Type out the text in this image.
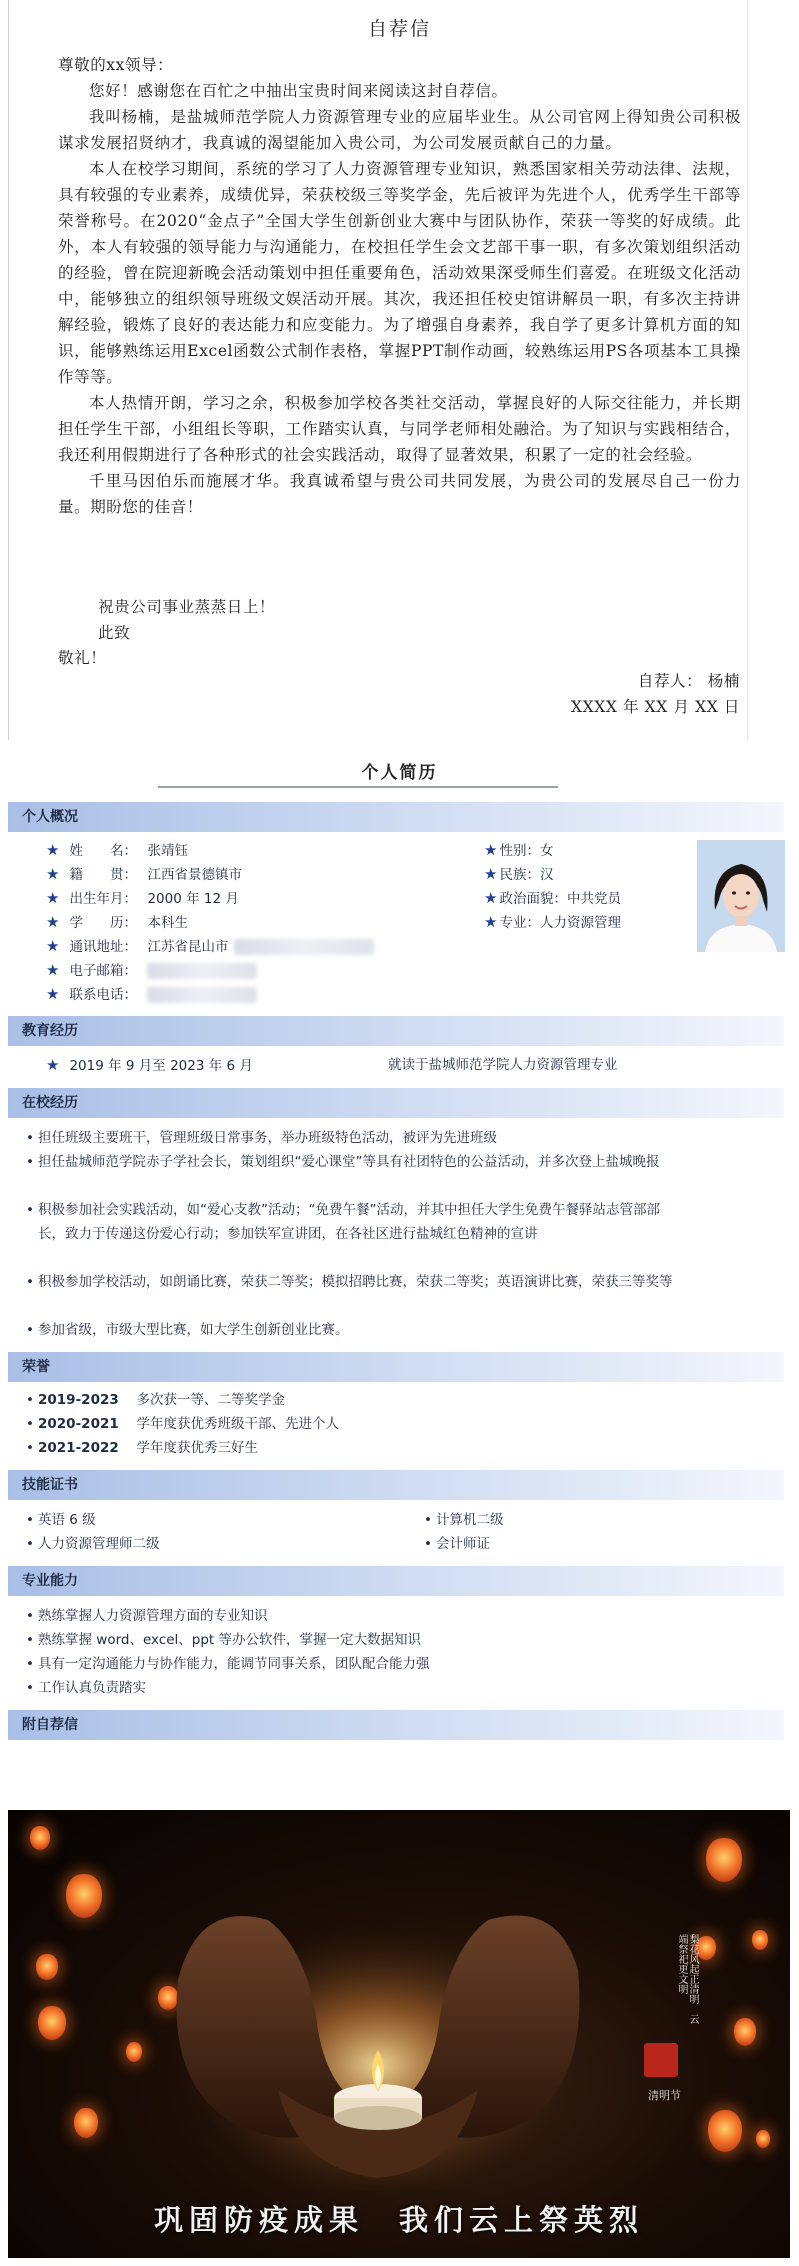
自荐信
尊敬的xx领导：

您好！感谢您在百忙之中抽出宝贵时间来阅读这封自荐信。

我叫杨楠，是盐城师范学院人力资源管理专业的应届毕业生。从公司官网上得知贵公司积极谋求发展招贤纳才，我真诚的渴望能加入贵公司，为公司发展贡献自己的力量。

本人在校学习期间，系统的学习了人力资源管理专业知识，熟悉国家相关劳动法律、法规，具有较强的专业素养，成绩优异，荣获校级三等奖学金，先后被评为先进个人，优秀学生干部等荣誉称号。在2020“金点子”全国大学生创新创业大赛中与团队协作，荣获一等奖的好成绩。此外，本人有较强的领导能力与沟通能力，在校担任学生会文艺部干事一职，有多次策划组织活动的经验，曾在院迎新晚会活动策划中担任重要角色，活动效果深受师生们喜爱。在班级文化活动中，能够独立的组织领导班级文娱活动开展。其次，我还担任校史馆讲解员一职，有多次主持讲解经验，锻炼了良好的表达能力和应变能力。为了增强自身素养，我自学了更多计算机方面的知识，能够熟练运用Excel函数公式制作表格，掌握PPT制作动画，较熟练运用PS各项基本工具操作等等。

本人热情开朗，学习之余，积极参加学校各类社交活动，掌握良好的人际交往能力，并长期担任学生干部，小组组长等职，工作踏实认真，与同学老师相处融洽。为了知识与实践相结合，我还利用假期进行了各种形式的社会实践活动，取得了显著效果，积累了一定的社会经验。

千里马因伯乐而施展才华。我真诚希望与贵公司共同发展，为贵公司的发展尽自己一份力量。期盼您的佳音！

祝贵公司事业蒸蒸日上！
此致
敬礼！
自荐人： 杨楠
XXXX 年 XX 月 XX 日
个人简历
个人概况
★ 姓　　名： 张靖钰
★ 籍　　贯： 江西省景德镇市
★ 出生年月： 2000 年 12 月
★ 学　　历： 本科生
★ 通讯地址： 江苏省昆山市
★ 电子邮箱：
★ 联系电话：
★ 性别：女
★ 民族：汉
★ 政治面貌：中共党员
★ 专业：人力资源管理
教育经历
★ 2019 年 9 月至 2023 年 6 月	就读于盐城师范学院人力资源管理专业
在校经历
• 担任班级主要班干，管理班级日常事务，举办班级特色活动，被评为先进班级
• 担任盐城师范学院赤子学社会长，策划组织“爱心课堂”等具有社团特色的公益活动，并多次登上盐城晚报
• 积极参加社会实践活动，如“爱心支教”活动；“免费午餐”活动，并其中担任大学生免费午餐驿站志管部部长，致力于传递这份爱心行动；参加铁军宣讲团，在各社区进行盐城红色精神的宣讲
• 积极参加学校活动，如朗诵比赛，荣获二等奖；模拟招聘比赛，荣获二等奖；英语演讲比赛，荣获三等奖等
• 参加省级，市级大型比赛，如大学生创新创业比赛。
荣誉
• 2019-2023　 多次获一等、二等奖学金
• 2020-2021　 学年度获优秀班级干部、先进个人
• 2021-2022　 学年度获优秀三好生
技能证书
• 英语 6 级	• 计算机二级
• 人力资源管理师二级	• 会计师证
专业能力
• 熟练掌握人力资源管理方面的专业知识
• 熟练掌握 word、excel、ppt 等办公软件，掌握一定大数据知识
• 具有一定沟通能力与协作能力，能调节同事关系，团队配合能力强
• 工作认真负责踏实
附自荐信
梨花风起正清明　云端祭祀更文明
清明节
巩固防疫成果　我们云上祭英烈
